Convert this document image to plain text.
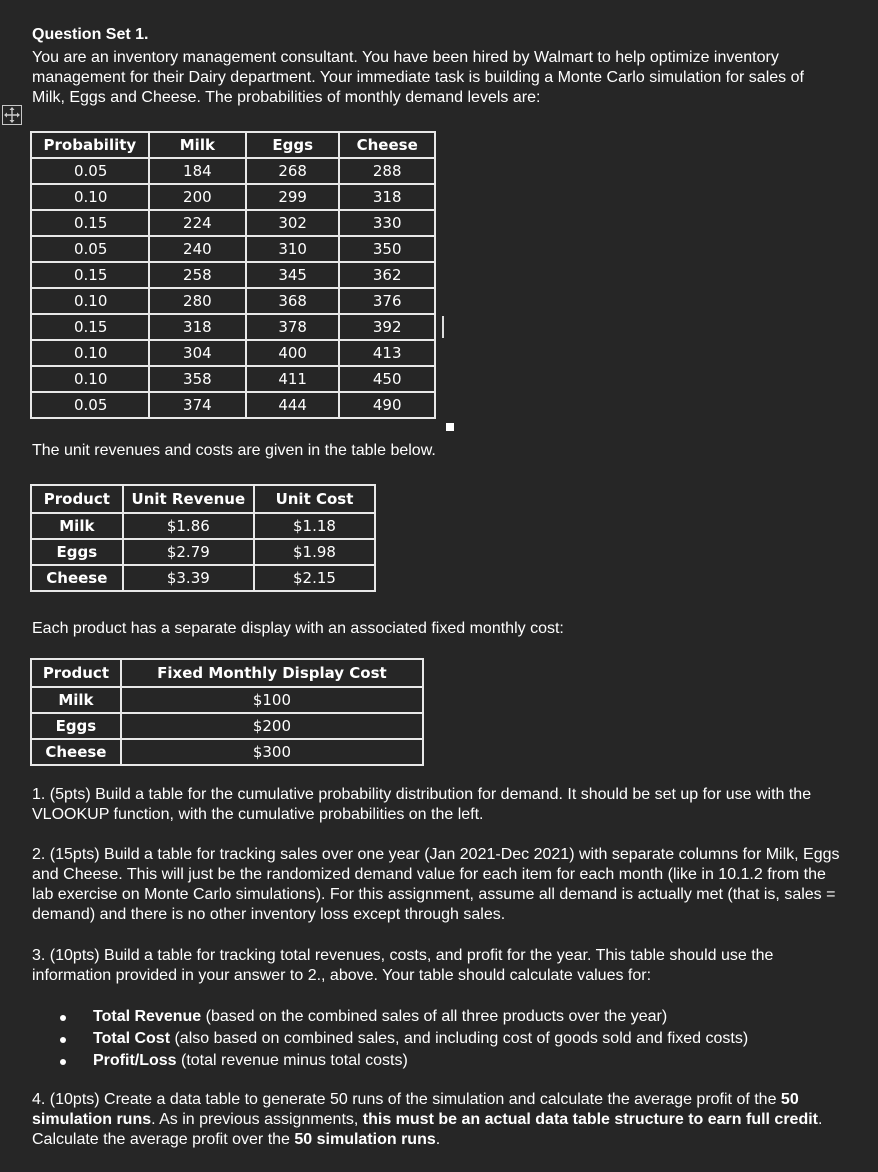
Question Set 1.
You are an inventory management consultant. You have been hired by Walmart to help optimize inventory management for their Dairy department. Your immediate task is building a Monte Carlo simulation for sales of Milk, Eggs and Cheese. The probabilities of monthly demand levels are:
Probability	Milk	Eggs	Cheese
0.05	184	268	288
0.10	200	299	318
0.15	224	302	330
0.05	240	310	350
0.15	258	345	362
0.10	280	368	376
0.15	318	378	392
0.10	304	400	413
0.10	358	411	450
0.05	374	444	490
The unit revenues and costs are given in the table below.
Product	Unit Revenue	Unit Cost
Milk	$1.86	$1.18
Eggs	$2.79	$1.98
Cheese	$3.39	$2.15
Each product has a separate display with an associated fixed monthly cost:
Product	Fixed Monthly Display Cost
Milk	$100
Eggs	$200
Cheese	$300
1. (5pts) Build a table for the cumulative probability distribution for demand. It should be set up for use with the VLOOKUP function, with the cumulative probabilities on the left.
2. (15pts) Build a table for tracking sales over one year (Jan 2021-Dec 2021) with separate columns for Milk, Eggs and Cheese. This will just be the randomized demand value for each item for each month (like in 10.1.2 from the lab exercise on Monte Carlo simulations). For this assignment, assume all demand is actually met (that is, sales = demand) and there is no other inventory loss except through sales.
3. (10pts) Build a table for tracking total revenues, costs, and profit for the year. This table should use the information provided in your answer to 2., above. Your table should calculate values for:
Total Revenue (based on the combined sales of all three products over the year)
Total Cost (also based on combined sales, and including cost of goods sold and fixed costs)
Profit/Loss (total revenue minus total costs)
4. (10pts) Create a data table to generate 50 runs of the simulation and calculate the average profit of the 50 simulation runs. As in previous assignments, this must be an actual data table structure to earn full credit. Calculate the average profit over the 50 simulation runs.
